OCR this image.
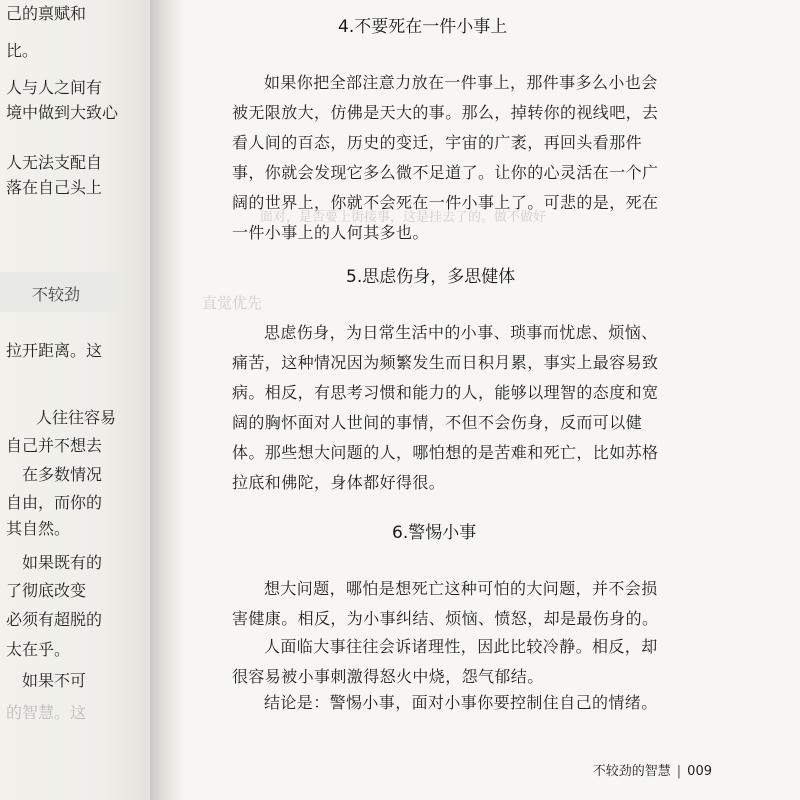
己的禀赋和
比。
人与人之间有
境中做到大致心
人无法支配自
落在自己头上
不较劲
拉开距离。这
人往往容易
自己并不想去
在多数情况
自由，而你的
其自然。
如果既有的
了彻底改变
必须有超脱的
太在乎。
如果不可
的智慧。这
直觉优先
面对，是否要上街接事，这是挂去了的。做不做好
4.不要死在一件小事上

如果你把全部注意力放在一件事上，那件事多么小也会被无限放大，仿佛是天大的事。那么，掉转你的视线吧，去看人间的百态，历史的变迁，宇宙的广袤，再回头看那件事，你就会发现它多么微不足道了。让你的心灵活在一个广阔的世界上，你就不会死在一件小事上了。可悲的是，死在一件小事上的人何其多也。

5.思虑伤身，多思健体

思虑伤身，为日常生活中的小事、琐事而忧虑、烦恼、痛苦，这种情况因为频繁发生而日积月累，事实上最容易致病。相反，有思考习惯和能力的人，能够以理智的态度和宽阔的胸怀面对人世间的事情，不但不会伤身，反而可以健体。那些想大问题的人，哪怕想的是苦难和死亡，比如苏格拉底和佛陀，身体都好得很。

6.警惕小事

想大问题，哪怕是想死亡这种可怕的大问题，并不会损害健康。相反，为小事纠结、烦恼、愤怒，却是最伤身的。

人面临大事往往会诉诸理性，因此比较冷静。相反，却很容易被小事刺激得怒火中烧，怨气郁结。

结论是：警惕小事，面对小事你要控制住自己的情绪。

不较劲的智慧 | 009
